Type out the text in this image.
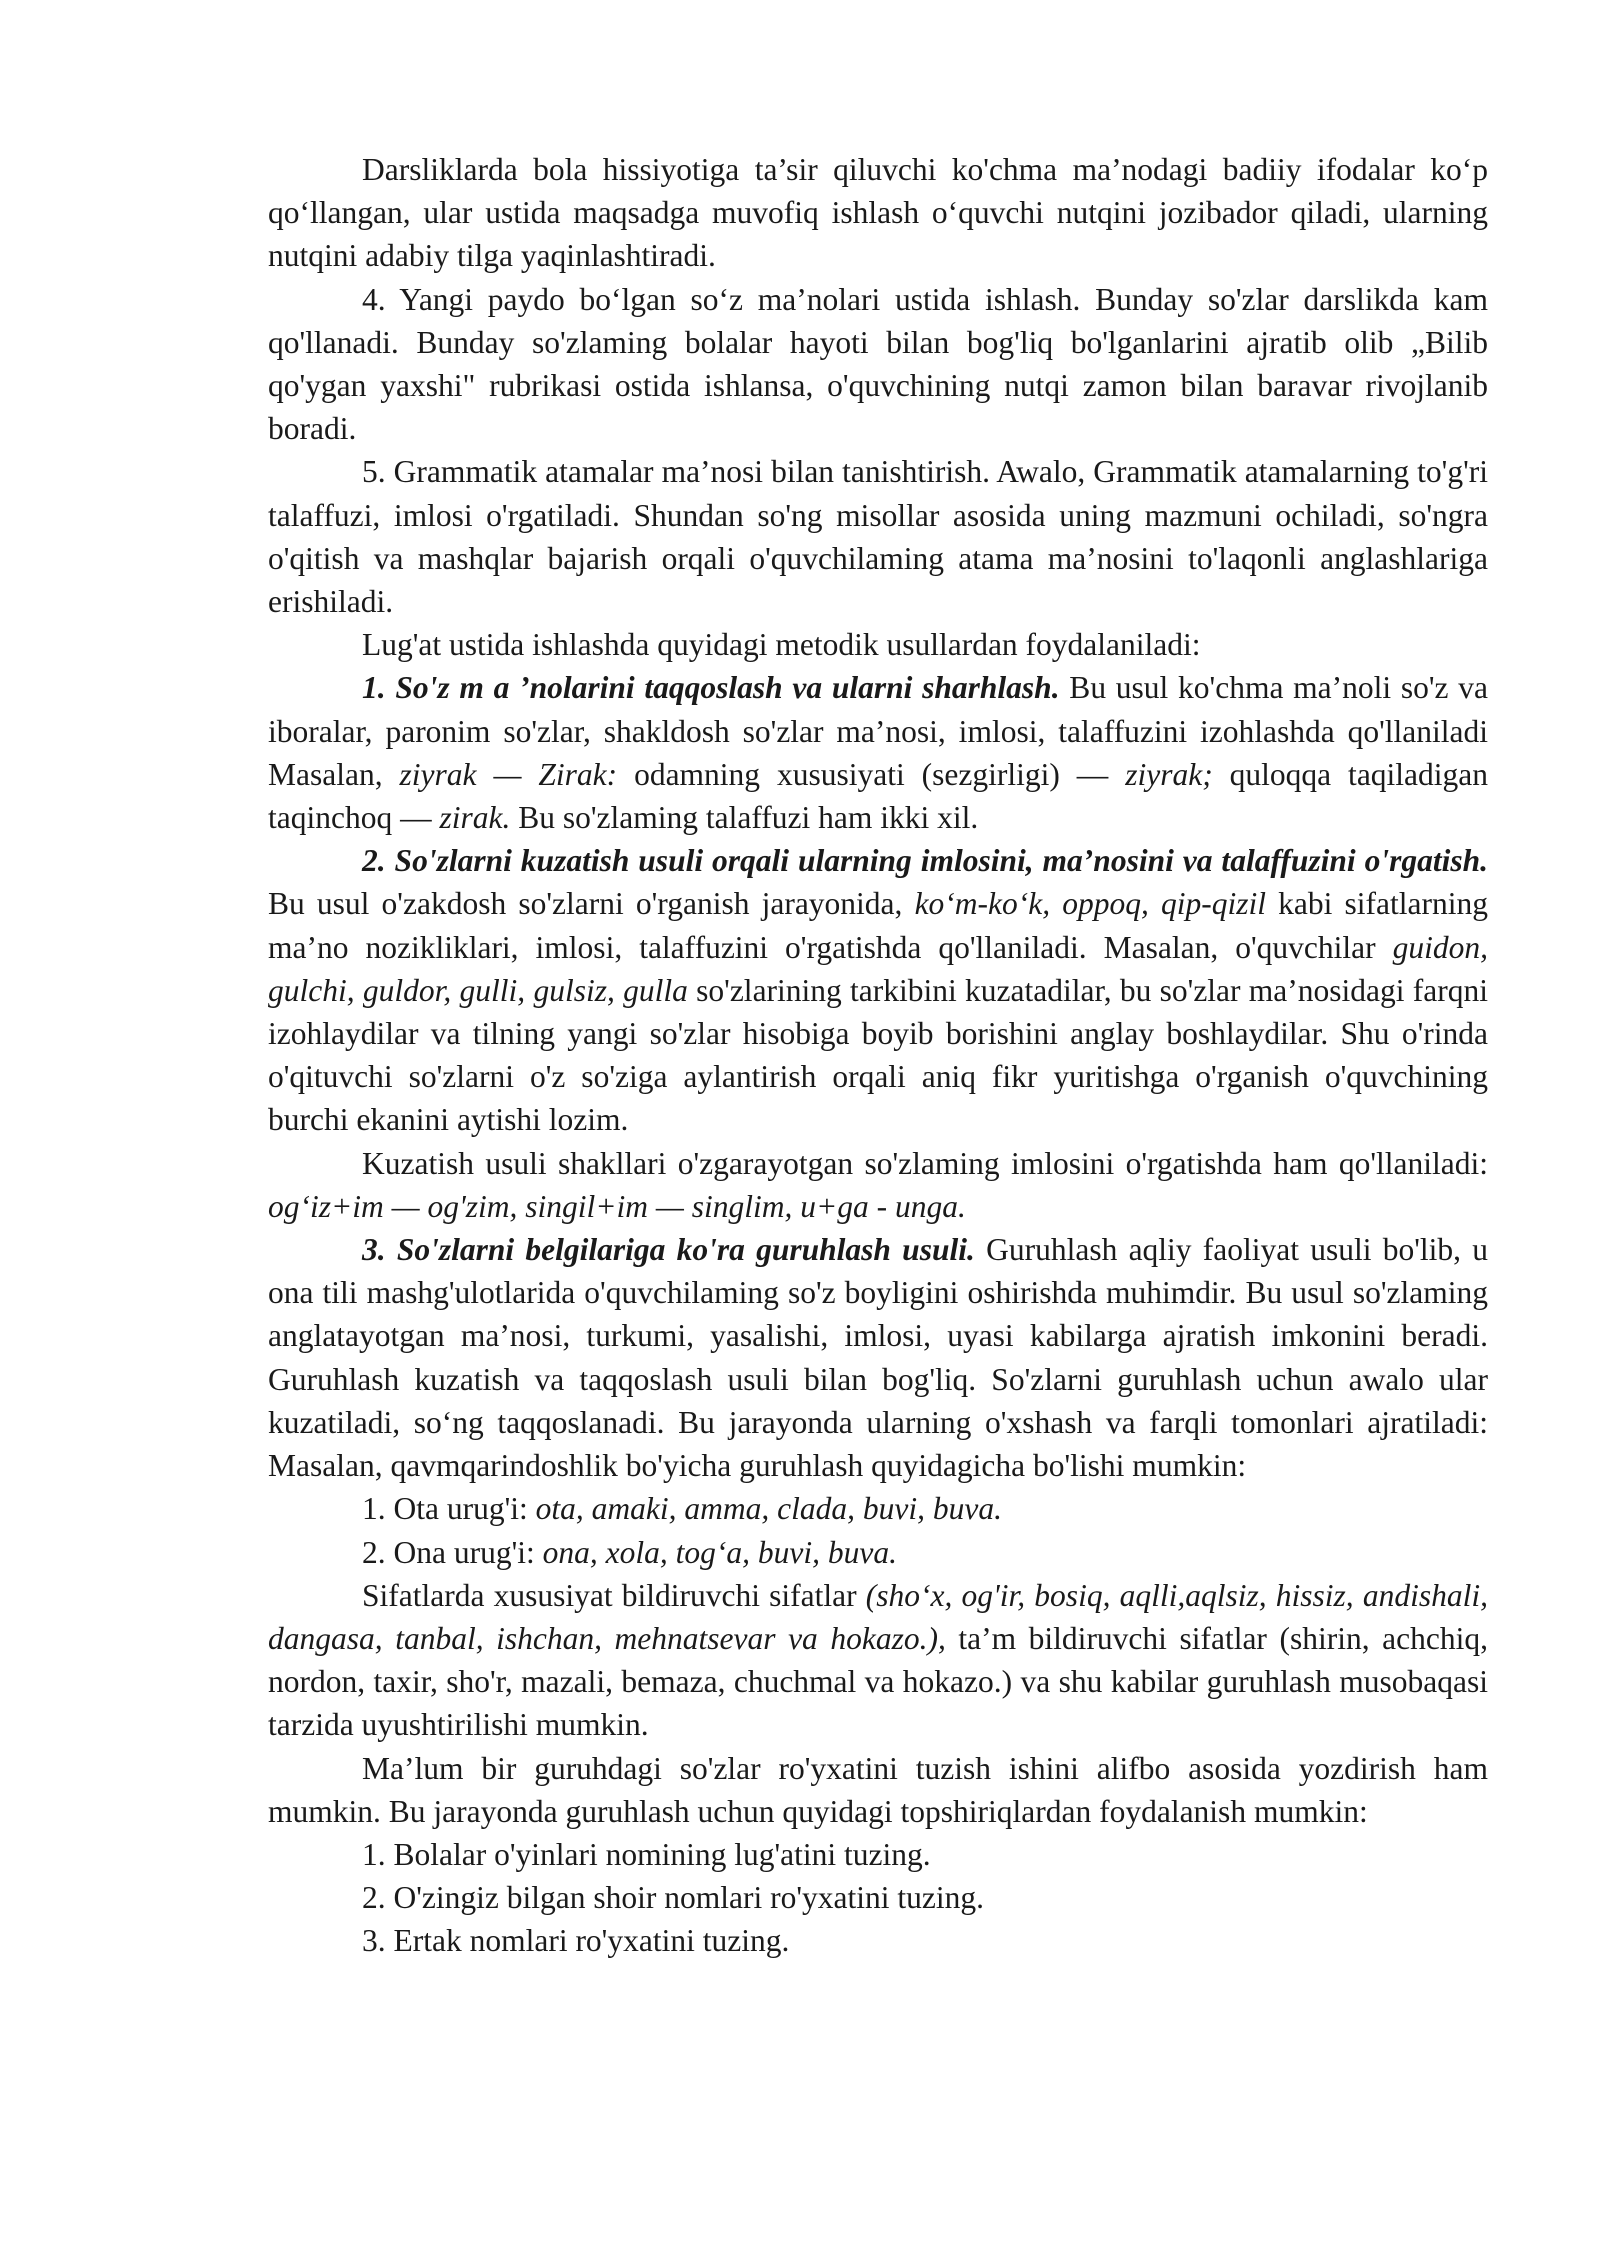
Darsliklarda bola hissiyotiga ta’sir qiluvchi ko'chma ma’nodagi badiiy ifodalar ko‘p qo‘llangan, ular ustida maqsadga muvofiq ishlash o‘quvchi nutqini jozibador qiladi, ularning nutqini adabiy tilga yaqinlashtiradi.

4. Yangi paydo bo‘lgan so‘z ma’nolari ustida ishlash. Bunday so'zlar darslikda kam qo'llanadi. Bunday so'zlaming bolalar hayoti bilan bog'liq bo'lganlarini ajratib olib „Bilib qo'ygan yaxshi" rubrikasi ostida ishlansa, o'quvchining nutqi zamon bilan baravar rivojlanib boradi.

5. Grammatik atamalar ma’nosi bilan tanishtirish. Awalo, Grammatik atamalarning to'g'ri talaffuzi, imlosi o'rgatiladi. Shundan so'ng misollar asosida uning mazmuni ochiladi, so'ngra o'qitish va mashqlar bajarish orqali o'quvchilaming atama ma’nosini to'laqonli anglashlariga erishiladi.

Lug'at ustida ishlashda quyidagi metodik usullardan foydalaniladi:

1. So'z m a ’nolarini taqqoslash va ularni sharhlash. Bu usul ko'chma ma’noli so'z va iboralar, paronim so'zlar, shakldosh so'zlar ma’nosi, imlosi, talaffuzini izohlashda qo'llaniladi Masalan, ziyrak — Zirak: odamning xususiyati (sezgirligi) — ziyrak; quloqqa taqiladigan taqinchoq — zirak. Bu so'zlaming talaffuzi ham ikki xil.

2. So'zlarni kuzatish usuli orqali ularning imlosini, ma’nosini va talaffuzini o'rgatish. Bu usul o'zakdosh so'zlarni o'rganish jarayonida, ko‘m-ko‘k, oppoq, qip-qizil kabi sifatlarning ma’no nozikliklari, imlosi, talaffuzini o'rgatishda qo'llaniladi. Masalan, o'quvchilar guidon, gulchi, guldor, gulli, gulsiz, gulla so'zlarining tarkibini kuzatadilar, bu so'zlar ma’nosidagi farqni izohlaydilar va tilning yangi so'zlar hisobiga boyib borishini anglay boshlaydilar. Shu o'rinda o'qituvchi so'zlarni o'z so'ziga aylantirish orqali aniq fikr yuritishga o'rganish o'quvchining burchi ekanini aytishi lozim.

Kuzatish usuli shakllari o'zgarayotgan so'zlaming imlosini o'rgatishda ham qo'llaniladi: og‘iz+im — og'zim, singil+im — singlim, u+ga - unga.

3. So'zlarni belgilariga ko'ra guruhlash usuli. Guruhlash aqliy faoliyat usuli bo'lib, u ona tili mashg'ulotlarida o'quvchilaming so'z boyligini oshirishda muhimdir. Bu usul so'zlaming anglatayotgan ma’nosi, turkumi, yasalishi, imlosi, uyasi kabilarga ajratish imkonini beradi. Guruhlash kuzatish va taqqoslash usuli bilan bog'liq. So'zlarni guruhlash uchun awalo ular kuzatiladi, so‘ng taqqoslanadi. Bu jarayonda ularning o'xshash va farqli tomonlari ajratiladi: Masalan, qavmqarindoshlik bo'yicha guruhlash quyidagicha bo'lishi mumkin:

1. Ota urug'i: ota, amaki, amma, clada, buvi, buva.

2. Ona urug'i: ona, xola, tog‘a, buvi, buva.

Sifatlarda xususiyat bildiruvchi sifatlar (sho‘x, og'ir, bosiq, aqlli,aqlsiz, hissiz, andishali, dangasa, tanbal, ishchan, mehnatsevar va hokazo.), ta’m bildiruvchi sifatlar (shirin, achchiq, nordon, taxir, sho'r, mazali, bemaza, chuchmal va hokazo.) va shu kabilar guruhlash musobaqasi tarzida uyushtirilishi mumkin.

Ma’lum bir guruhdagi so'zlar ro'yxatini tuzish ishini alifbo asosida yozdirish ham mumkin. Bu jarayonda guruhlash uchun quyidagi topshiriqlardan foydalanish mumkin:

1. Bolalar o'yinlari nomining lug'atini tuzing.

2. O'zingiz bilgan shoir nomlari ro'yxatini tuzing.

3. Ertak nomlari ro'yxatini tuzing.
